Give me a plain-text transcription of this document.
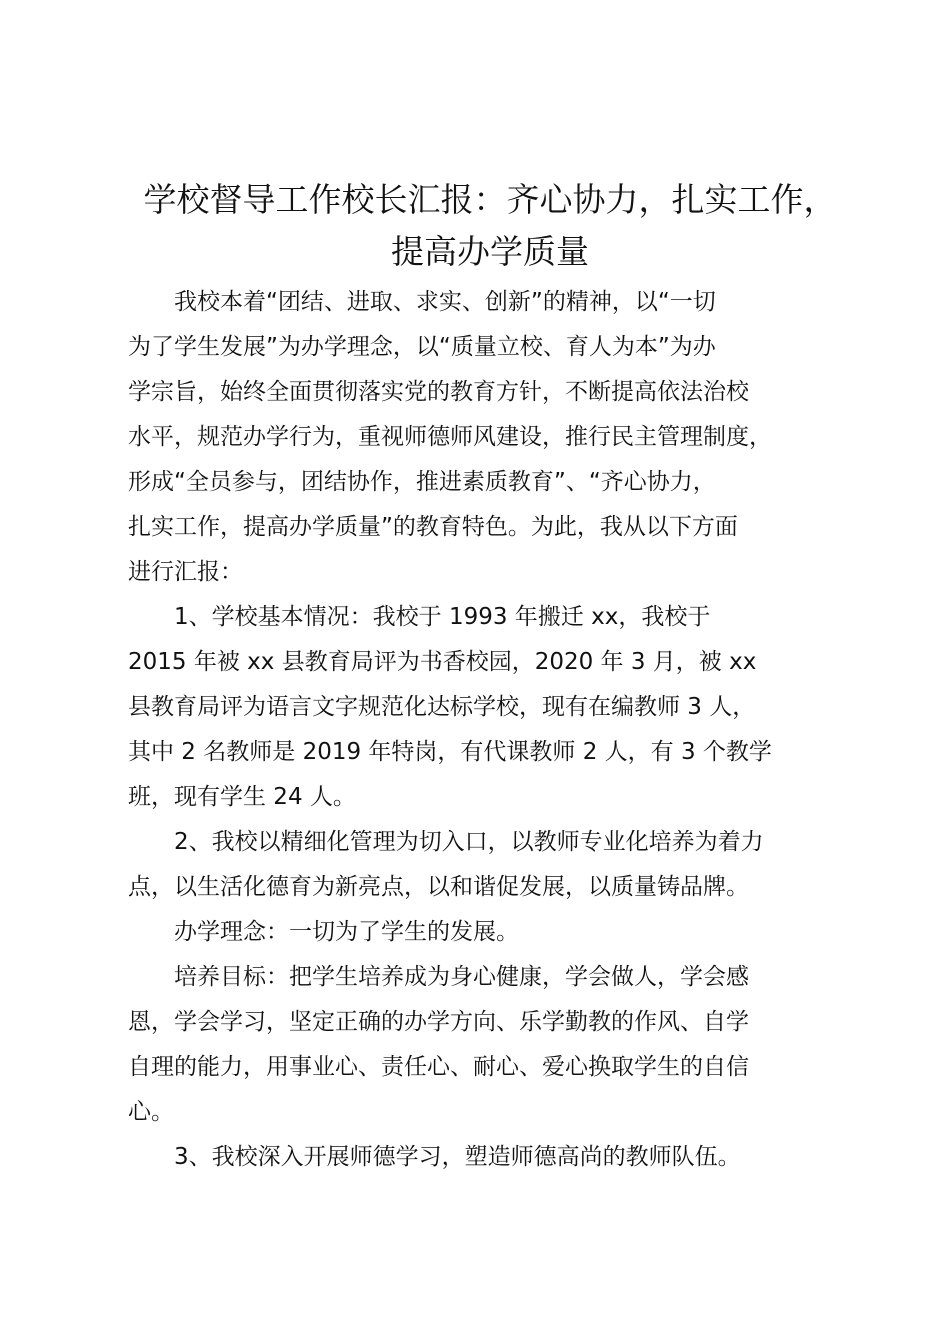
学校督导工作校长汇报：齐心协力，扎实工作，
提高办学质量

　　我校本着“团结、进取、求实、创新”的精神，以“一切
为了学生发展”为办学理念，以“质量立校、育人为本”为办
学宗旨，始终全面贯彻落实党的教育方针，不断提高依法治校
水平，规范办学行为，重视师德师风建设，推行民主管理制度，
形成“全员参与，团结协作，推进素质教育”、“齐心协力，
扎实工作，提高办学质量”的教育特色。为此，我从以下方面
进行汇报：

　　1、学校基本情况：我校于 1993 年搬迁 xx，我校于
2015 年被 xx 县教育局评为书香校园，2020 年 3 月，被 xx
县教育局评为语言文字规范化达标学校，现有在编教师 3 人，
其中 2 名教师是 2019 年特岗，有代课教师 2 人，有 3 个教学
班，现有学生 24 人。

　　2、我校以精细化管理为切入口，以教师专业化培养为着力
点，以生活化德育为新亮点，以和谐促发展，以质量铸品牌。

　　办学理念：一切为了学生的发展。

　　培养目标：把学生培养成为身心健康，学会做人，学会感
恩，学会学习，坚定正确的办学方向、乐学勤教的作风、自学
自理的能力，用事业心、责任心、耐心、爱心换取学生的自信
心。

　　3、我校深入开展师德学习，塑造师德高尚的教师队伍。
